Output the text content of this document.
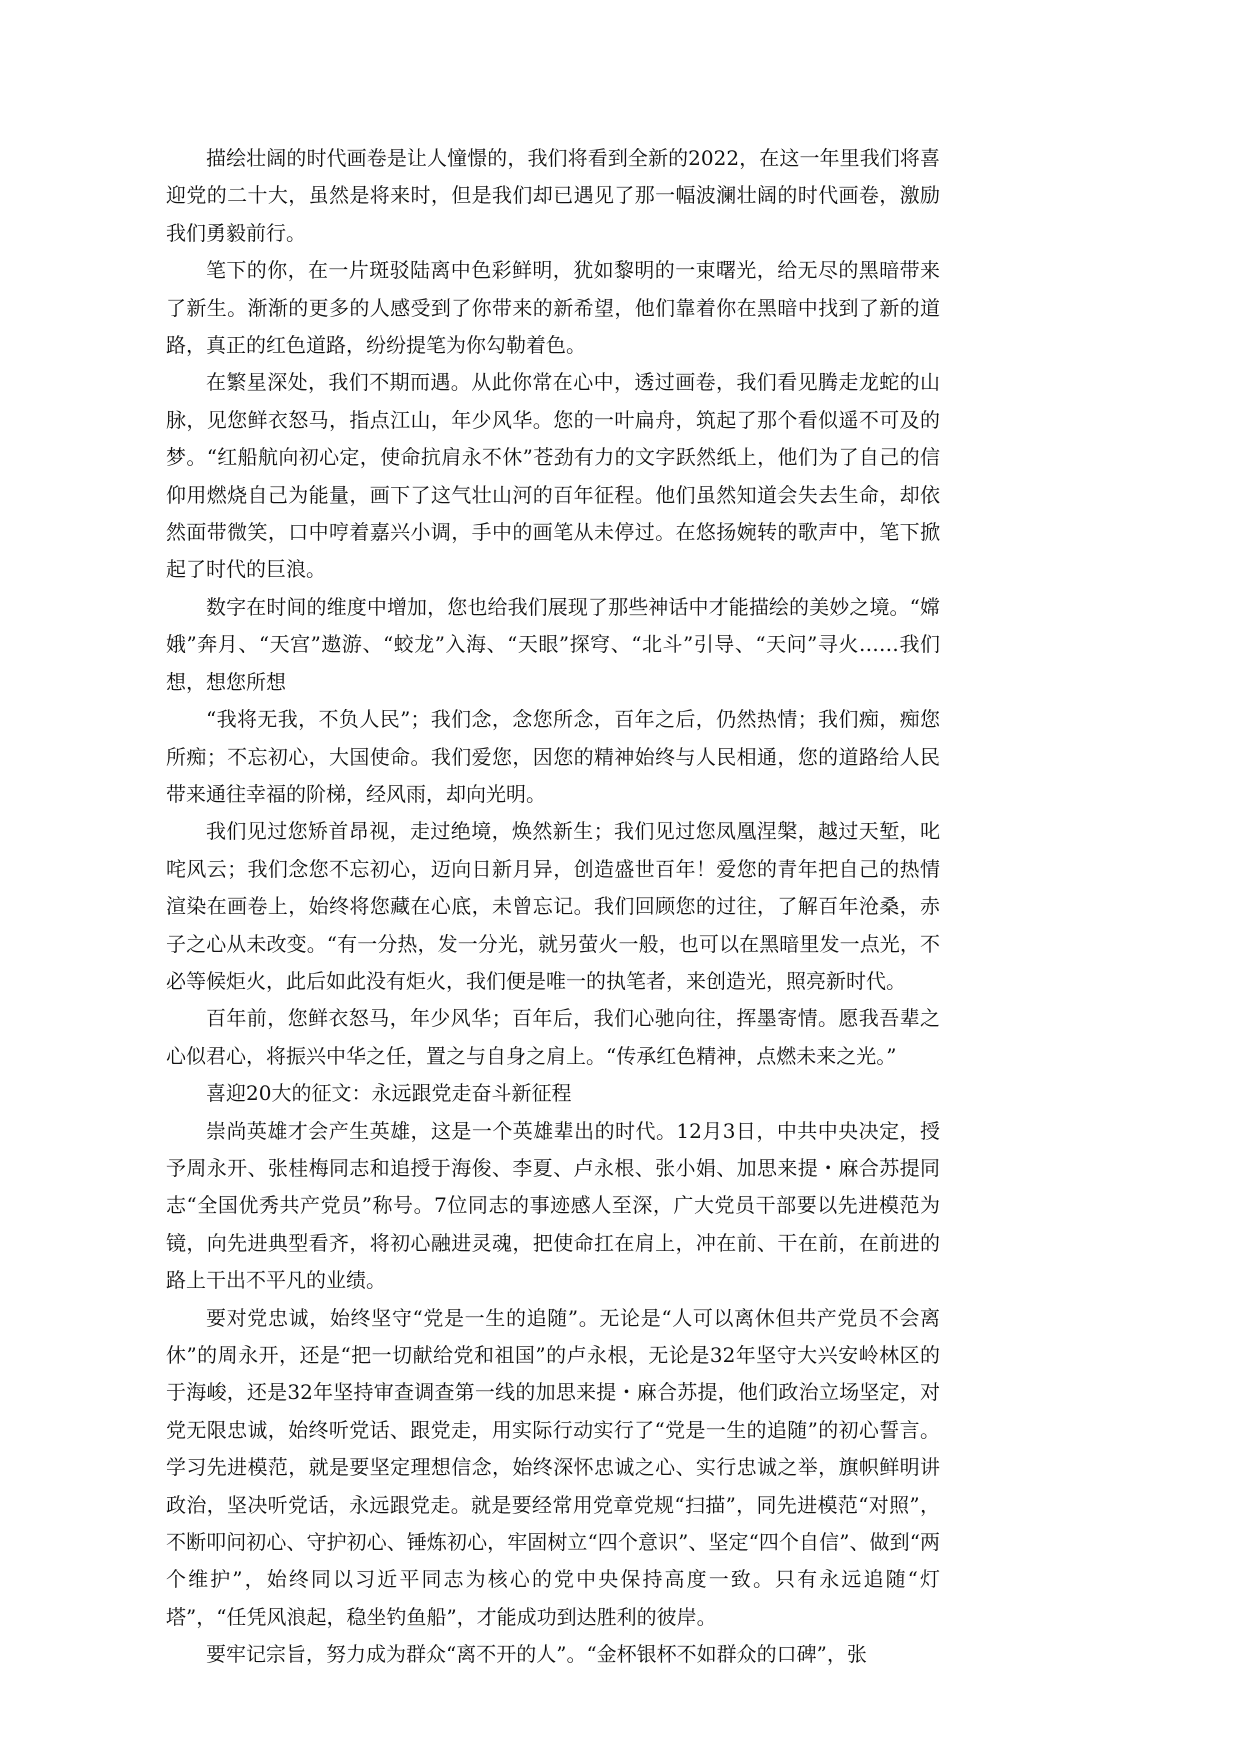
描绘壮阔的时代画卷是让人憧憬的，我们将看到全新的2022，在这一年里我们将喜迎党的二十大，虽然是将来时，但是我们却已遇见了那一幅波澜壮阔的时代画卷，激励我们勇毅前行。

笔下的你，在一片斑驳陆离中色彩鲜明，犹如黎明的一束曙光，给无尽的黑暗带来了新生。渐渐的更多的人感受到了你带来的新希望，他们靠着你在黑暗中找到了新的道路，真正的红色道路，纷纷提笔为你勾勒着色。

在繁星深处，我们不期而遇。从此你常在心中，透过画卷，我们看见腾走龙蛇的山脉，见您鲜衣怒马，指点江山，年少风华。您的一叶扁舟，筑起了那个看似遥不可及的梦。“红船航向初心定，使命抗肩永不休”苍劲有力的文字跃然纸上，他们为了自己的信仰用燃烧自己为能量，画下了这气壮山河的百年征程。他们虽然知道会失去生命，却依然面带微笑，口中哼着嘉兴小调，手中的画笔从未停过。在悠扬婉转的歌声中，笔下掀起了时代的巨浪。

数字在时间的维度中增加，您也给我们展现了那些神话中才能描绘的美妙之境。“嫦娥”奔月、“天宫”遨游、“蛟龙”入海、“天眼”探穹、“北斗”引导、“天问”寻火……我们想，想您所想

“我将无我，不负人民”；我们念，念您所念，百年之后，仍然热情；我们痴，痴您所痴；不忘初心，大国使命。我们爱您，因您的精神始终与人民相通，您的道路给人民带来通往幸福的阶梯，经风雨，却向光明。

我们见过您矫首昂视，走过绝境，焕然新生；我们见过您凤凰涅槃，越过天堑，叱咤风云；我们念您不忘初心，迈向日新月异，创造盛世百年！爱您的青年把自己的热情渲染在画卷上，始终将您藏在心底，未曾忘记。我们回顾您的过往，了解百年沧桑，赤子之心从未改变。“有一分热，发一分光，就另萤火一般，也可以在黑暗里发一点光，不必等候炬火，此后如此没有炬火，我们便是唯一的执笔者，来创造光，照亮新时代。

百年前，您鲜衣怒马，年少风华；百年后，我们心驰向往，挥墨寄情。愿我吾辈之心似君心，将振兴中华之任，置之与自身之肩上。“传承红色精神，点燃未来之光。”

喜迎20大的征文：永远跟党走奋斗新征程

崇尚英雄才会产生英雄，这是一个英雄辈出的时代。12月3日，中共中央决定，授予周永开、张桂梅同志和追授于海俊、李夏、卢永根、张小娟、加思来提・麻合苏提同志“全国优秀共产党员”称号。7位同志的事迹感人至深，广大党员干部要以先进模范为镜，向先进典型看齐，将初心融进灵魂，把使命扛在肩上，冲在前、干在前，在前进的路上干出不平凡的业绩。

要对党忠诚，始终坚守“党是一生的追随”。无论是“人可以离休但共产党员不会离休”的周永开，还是“把一切献给党和祖国”的卢永根，无论是32年坚守大兴安岭林区的于海峻，还是32年坚持审查调查第一线的加思来提・麻合苏提，他们政治立场坚定，对党无限忠诚，始终听党话、跟党走，用实际行动实行了“党是一生的追随”的初心誓言。学习先进模范，就是要坚定理想信念，始终深怀忠诚之心、实行忠诚之举，旗帜鲜明讲政治，坚决听党话，永远跟党走。就是要经常用党章党规“扫描”，同先进模范“对照”，不断叩问初心、守护初心、锤炼初心，牢固树立“四个意识”、坚定“四个自信”、做到“两个维护”，始终同以习近平同志为核心的党中央保持高度一致。只有永远追随“灯塔”，“任凭风浪起，稳坐钓鱼船”，才能成功到达胜利的彼岸。

要牢记宗旨，努力成为群众“离不开的人”。“金杯银杯不如群众的口碑”，张
